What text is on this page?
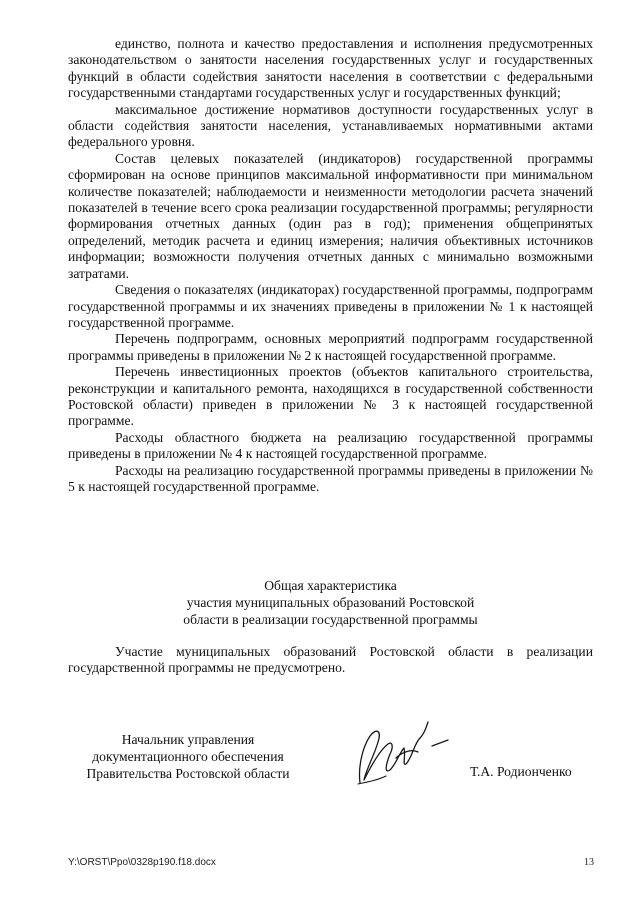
единство, полнота и качество предоставления и исполнения предусмотренных законодательством о занятости населения государственных услуг и государственных функций в области содействия занятости населения в соответствии с федеральными государственными стандартами государственных услуг и государственных функций;

максимальное достижение нормативов доступности государственных услуг в области содействия занятости населения, устанавливаемых нормативными актами федерального уровня.

Состав целевых показателей (индикаторов) государственной программы сформирован на основе принципов максимальной информативности при минимальном количестве показателей; наблюдаемости и неизменности методологии расчета значений показателей в течение всего срока реализации государственной программы; регулярности формирования отчетных данных (один раз в год); применения общепринятых определений, методик расчета и единиц измерения; наличия объективных источников информации; возможности получения отчетных данных с минимально возможными затратами.

Сведения о показателях (индикаторах) государственной программы, подпрограмм государственной программы и их значениях приведены в приложении № 1 к настоящей государственной программе.

Перечень подпрограмм, основных мероприятий подпрограмм государственной программы приведены в приложении № 2 к настоящей государственной программе.

Перечень инвестиционных проектов (объектов капитального строительства, реконструкции и капитального ремонта, находящихся в государственной собственности Ростовской области) приведен в приложении № 3 к настоящей государственной программе.

Расходы областного бюджета на реализацию государственной программы приведены в приложении № 4 к настоящей государственной программе.

Расходы на реализацию государственной программы приведены в приложении № 5 к настоящей государственной программе.

Общая характеристика
участия муниципальных образований Ростовской
области в реализации государственной программы

Участие муниципальных образований Ростовской области в реализации государственной программы не предусмотрено.

Начальник управления
документационного обеспечения
Правительства Ростовской области	Т.А. Родионченко
Y:\ORST\Ppo\0328p190.f18.docx	13
